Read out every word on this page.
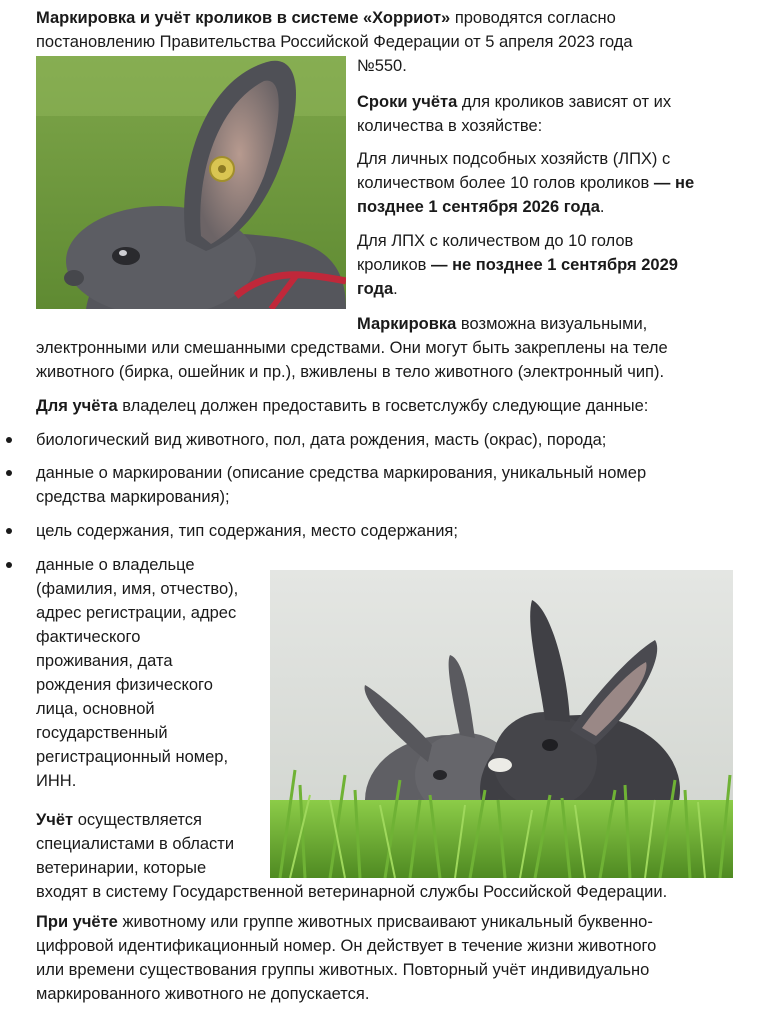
Маркировка и учёт кроликов в системе «Хорриот» проводятся согласно
постановлению Правительства Российской Федерации от 5 апреля 2023 года
№550.
Сроки учёта для кроликов зависят от их
количества в хозяйстве:
Для личных подсобных хозяйств (ЛПХ) с
количеством более 10 голов кроликов — не
позднее 1 сентября 2026 года.
Для ЛПХ с количеством до 10 голов
кроликов — не позднее 1 сентября 2029
года.
Маркировка возможна визуальными,
электронными или смешанными средствами. Они могут быть закреплены на теле
животного (бирка, ошейник и пр.), вживлены в тело животного (электронный чип).
Для учёта владелец должен предоставить в госветслужбу следующие данные:
биологический вид животного, пол, дата рождения, масть (окрас), порода;
данные о маркировании (описание средства маркирования, уникальный номер
средства маркирования);
цель содержания, тип содержания, место содержания;
данные о владельце
(фамилия, имя, отчество),
адрес регистрации, адрес
фактического
проживания, дата
рождения физического
лица, основной
государственный
регистрационный номер,
ИНН.
Учёт осуществляется
специалистами в области
ветеринарии, которые
входят в систему Государственной ветеринарной службы Российской Федерации.
При учёте животному или группе животных присваивают уникальный буквенно-
цифровой идентификационный номер. Он действует в течение жизни животного
или времени существования группы животных. Повторный учёт индивидуально
маркированного животного не допускается.
